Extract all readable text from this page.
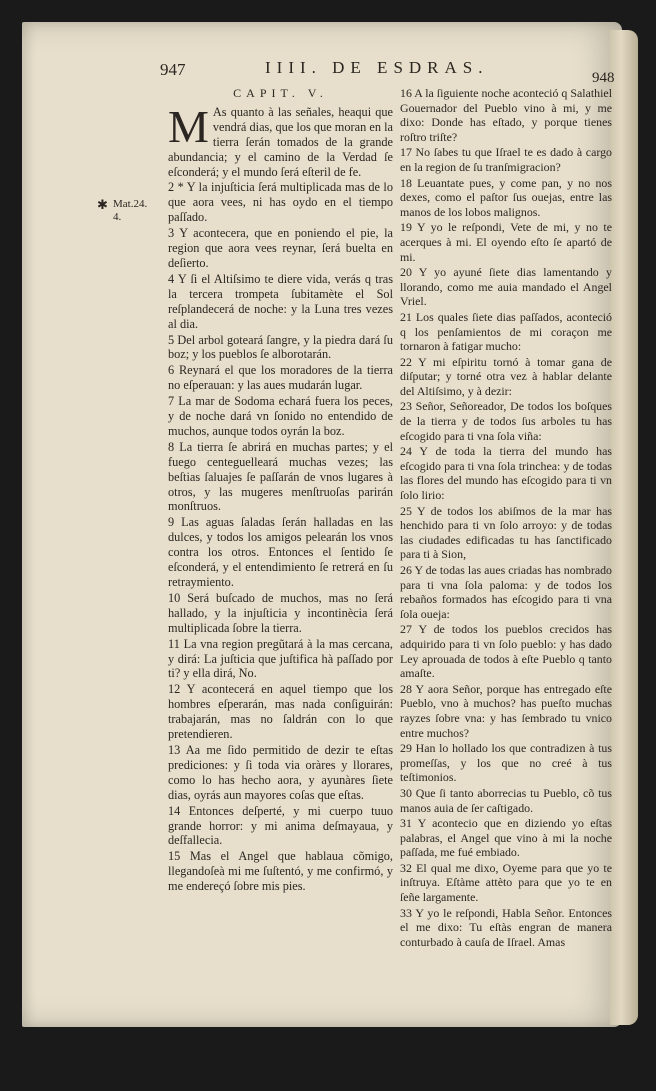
947	IIII. DE ESDRAS.
948
✱ Mat.24.
4.
CAPIT. V.

M As quanto à las señales, heaqui que vendrá dias, que los que moran en la tierra ſerán tomados de la grande abundancia; y el camino de la Verdad ſe eſconderá; y el mundo ſerá eſteril de fe.

2 * Y la injuſticia ſerá multiplicada mas de lo que aora vees, ni has oydo en el tiempo paſſado.

3 Y acontecera, que en poniendo el pie, la region que aora vees reynar, ſerá buelta en deſierto.

4 Y ſi el Altiſsimo te diere vida, verás q tras la tercera trompeta ſubitamète el Sol reſplandecerá de noche: y la Luna tres vezes al dia.

5 Del arbol goteará ſangre, y la piedra dará ſu boz; y los pueblos ſe alborotarán.

6 Reynará el que los moradores de la tierra no eſperauan: y las aues mudarán lugar.

7 La mar de Sodoma echará fuera los peces, y de noche dará vn ſonido no entendido de muchos, aunque todos oyrán la boz.

8 La tierra ſe abrirá en muchas partes; y el fuego centeguelleará muchas vezes; las beſtias ſaluajes ſe paſſarán de vnos lugares à otros, y las mugeres menſtruoſas parirán monſtruos.

9 Las aguas ſaladas ſerán halladas en las dulces, y todos los amigos pelearán los vnos contra los otros. Entonces el ſentido ſe eſconderá, y el entendimiento ſe retrerá en ſu retraymiento.

10 Será buſcado de muchos, mas no ſerá hallado, y la injuſticia y incontinècia ſerá multiplicada ſobre la tierra.

11 La vna region pregũtará à la mas cercana, y dirá: La juſticia que juſtifica hà paſſado por ti? y ella dirá, No.

12 Y acontecerá en aquel tiempo que los hombres eſperarán, mas nada conſiguirán: trabajarán, mas no ſaldrán con lo que pretendieren.

13 Aa me ſido permitido de dezir te eſtas prediciones: y ſi toda via oràres y llorares, como lo has hecho aora, y ayunàres ſiete dias, oyrás aun mayores coſas que eſtas.

14 Entonces deſperté, y mi cuerpo tuuo grande horror: y mi anima deſmayaua, y deſfallecia.

15 Mas el Angel que hablaua cõmigo, llegandoſeà mi me ſuſtentó, y me confirmó, y me endereçó ſobre mis pies.

16 A la ſiguiente noche aconteció q Salathiel Gouernador del Pueblo vino à mi, y me dixo: Donde has eſtado, y porque tienes roſtro triſte?

17 No ſabes tu que Iſrael te es dado à cargo en la region de ſu tranſmigracion?

18 Leuantate pues, y come pan, y no nos dexes, como el paſtor ſus ouejas, entre las manos de los lobos malignos.

19 Y yo le reſpondi, Vete de mi, y no te acerques à mi. El oyendo eſto ſe apartó de mi.

20 Y yo ayuné ſiete dias lamentando y llorando, como me auia mandado el Angel Vriel.

21 Los quales ſiete dias paſſados, aconteció q los penſamientos de mi coraçon me tornaron à fatigar mucho:

22 Y mi eſpiritu tornó à tomar gana de diſputar; y torné otra vez à hablar delante del Altiſsimo, y à dezir:

23 Señor, Señoreador, De todos los boſques de la tierra y de todos ſus arboles tu has eſcogido para ti vna ſola viña:

24 Y de toda la tierra del mundo has eſcogido para ti vna ſola trinchea: y de todas las flores del mundo has eſcogido para ti vn ſolo lirio:

25 Y de todos los abiſmos de la mar has henchido para ti vn ſolo arroyo: y de todas las ciudades edificadas tu has ſanctificado para ti à Sion,

26 Y de todas las aues criadas has nombrado para ti vna ſola paloma: y de todos los rebaños formados has eſcogido para ti vna ſola oueja:

27 Y de todos los pueblos crecidos has adquirido para ti vn ſolo pueblo: y has dado Ley aprouada de todos à eſte Pueblo q tanto amaſte.

28 Y aora Señor, porque has entregado eſte Pueblo, vno à muchos? has pueſto muchas rayzes ſobre vna: y has ſembrado tu vnico entre muchos?

29 Han lo hollado los que contradizen à tus promeſſas, y los que no creé à tus teſtimonios.

30 Que ſi tanto aborrecias tu Pueblo, cõ tus manos auia de ſer caſtigado.

31 Y acontecio que en diziendo yo eſtas palabras, el Angel que vino à mi la noche paſſada, me fué embiado.

32 El qual me dixo, Oyeme para que yo te inſtruya. Eſtàme attèto para que yo te en ſeñe largamente.

33 Y yo le reſpondi, Habla Señor. Entonces el me dixo: Tu eſtàs engran de manera conturbado à cauſa de Iſrael. Amas
